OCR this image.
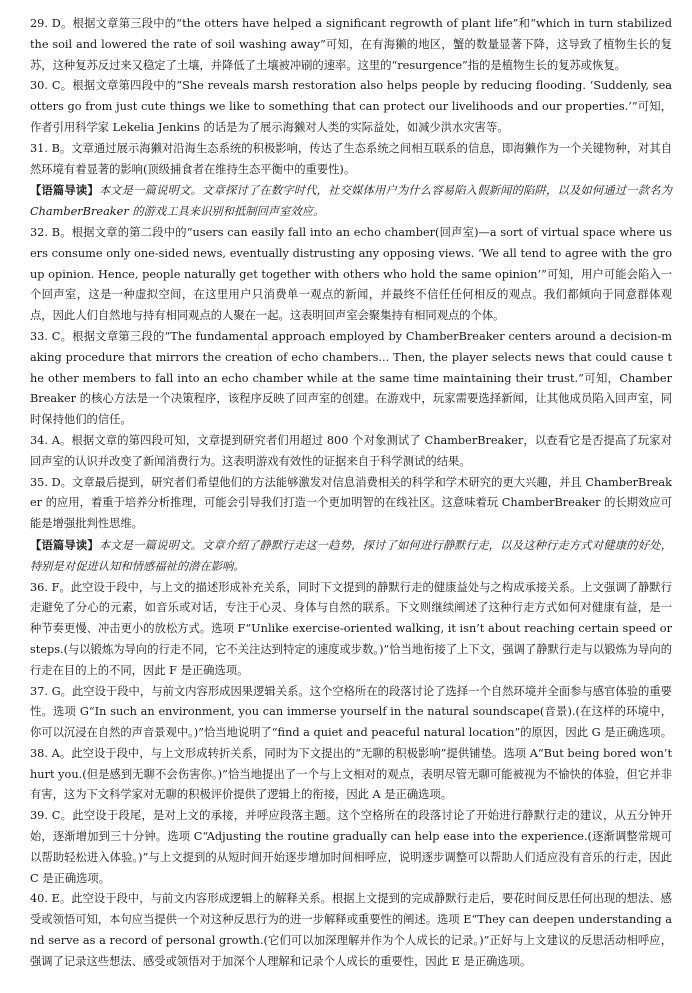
29. D。根据文章第三段中的“the otters have helped a significant regrowth of plant life”和“which in turn stabilized the soil and lowered the rate of soil washing away”可知，在有海獭的地区，蟹的数量显著下降，这导致了植物生长的复苏，这种复苏反过来又稳定了土壤，并降低了土壤被冲刷的速率。这里的“resurgence”指的是植物生长的复苏或恢复。

30. C。根据文章第四段中的“She reveals marsh restoration also helps people by reducing flooding. ‘Suddenly, sea otters go from just cute things we like to something that can protect our livelihoods and our properties.’”可知，作者引用科学家 Lekelia Jenkins 的话是为了展示海獭对人类的实际益处，如减少洪水灾害等。

31. B。文章通过展示海獭对沿海生态系统的积极影响，传达了生态系统之间相互联系的信息，即海獭作为一个关键物种，对其自然环境有着显著的影响(顶级捕食者在维持生态平衡中的重要性)。

【语篇导读】本文是一篇说明文。文章探讨了在数字时代，社交媒体用户为什么容易陷入假新闻的陷阱，以及如何通过一款名为 ChamberBreaker 的游戏工具来识别和抵制回声室效应。

32. B。根据文章的第二段中的“users can easily fall into an echo chamber(回声室)—a sort of virtual space where users consume only one-sided news, eventually distrusting any opposing views. ‘We all tend to agree with the group opinion. Hence, people naturally get together with others who hold the same opinion’”可知，用户可能会陷入一个回声室，这是一种虚拟空间，在这里用户只消费单一观点的新闻，并最终不信任任何相反的观点。我们都倾向于同意群体观点，因此人们自然地与持有相同观点的人聚在一起。这表明回声室会聚集持有相同观点的个体。

33. C。根据文章第三段的“The fundamental approach employed by ChamberBreaker centers around a decision-making procedure that mirrors the creation of echo chambers... Then, the player selects news that could cause the other members to fall into an echo chamber while at the same time maintaining their trust.”可知，ChamberBreaker 的核心方法是一个决策程序，该程序反映了回声室的创建。在游戏中，玩家需要选择新闻，让其他成员陷入回声室，同时保持他们的信任。

34. A。根据文章的第四段可知，文章提到研究者们用超过 800 个对象测试了 ChamberBreaker，以查看它是否提高了玩家对回声室的认识并改变了新闻消费行为。这表明游戏有效性的证据来自于科学测试的结果。

35. D。文章最后提到，研究者们希望他们的方法能够激发对信息消费相关的科学和学术研究的更大兴趣，并且 ChamberBreaker 的应用，着重于培养分析推理，可能会引导我们打造一个更加明智的在线社区。这意味着玩 ChamberBreaker 的长期效应可能是增强批判性思维。

【语篇导读】本文是一篇说明文。文章介绍了静默行走这一趋势，探讨了如何进行静默行走，以及这种行走方式对健康的好处，特别是对促进认知和情感福祉的潜在影响。

36. F。此空设于段中，与上文的描述形成补充关系，同时下文提到的静默行走的健康益处与之构成承接关系。上文强调了静默行走避免了分心的元素，如音乐或对话，专注于心灵、身体与自然的联系。下文则继续阐述了这种行走方式如何对健康有益，是一种节奏更慢、冲击更小的放松方式。选项 F“Unlike exercise-oriented walking, it isn’t about reaching certain speed or steps.(与以锻炼为导向的行走不同，它不关注达到特定的速度或步数。)”恰当地衔接了上下文，强调了静默行走与以锻炼为导向的行走在目的上的不同，因此 F 是正确选项。

37. G。此空设于段中，与前文内容形成因果逻辑关系。这个空格所在的段落讨论了选择一个自然环境并全面参与感官体验的重要性。选项 G“In such an environment, you can immerse yourself in the natural soundscape(音景).(在这样的环境中，你可以沉浸在自然的声音景观中。)”恰当地说明了“find a quiet and peaceful natural location”的原因，因此 G 是正确选项。

38. A。此空设于段中，与上文形成转折关系，同时为下文提出的“无聊的积极影响”提供铺垫。选项 A“But being bored won’t hurt you.(但是感到无聊不会伤害你。)”恰当地提出了一个与上文相对的观点，表明尽管无聊可能被视为不愉快的体验，但它并非有害，这为下文科学家对无聊的积极评价提供了逻辑上的衔接，因此 A 是正确选项。

39. C。此空设于段尾，是对上文的承接，并呼应段落主题。这个空格所在的段落讨论了开始进行静默行走的建议，从五分钟开始，逐渐增加到三十分钟。选项 C“Adjusting the routine gradually can help ease into the experience.(逐渐调整常规可以帮助轻松进入体验。)”与上文提到的从短时间开始逐步增加时间相呼应，说明逐步调整可以帮助人们适应没有音乐的行走，因此 C 是正确选项。

40. E。此空设于段中，与前文内容形成逻辑上的解释关系。根据上文提到的完成静默行走后，要花时间反思任何出现的想法、感受或领悟可知，本句应当提供一个对这种反思行为的进一步解释或重要性的阐述。选项 E“They can deepen understanding and serve as a record of personal growth.(它们可以加深理解并作为个人成长的记录。)”正好与上文建议的反思活动相呼应，强调了记录这些想法、感受或领悟对于加深个人理解和记录个人成长的重要性，因此 E 是正确选项。
